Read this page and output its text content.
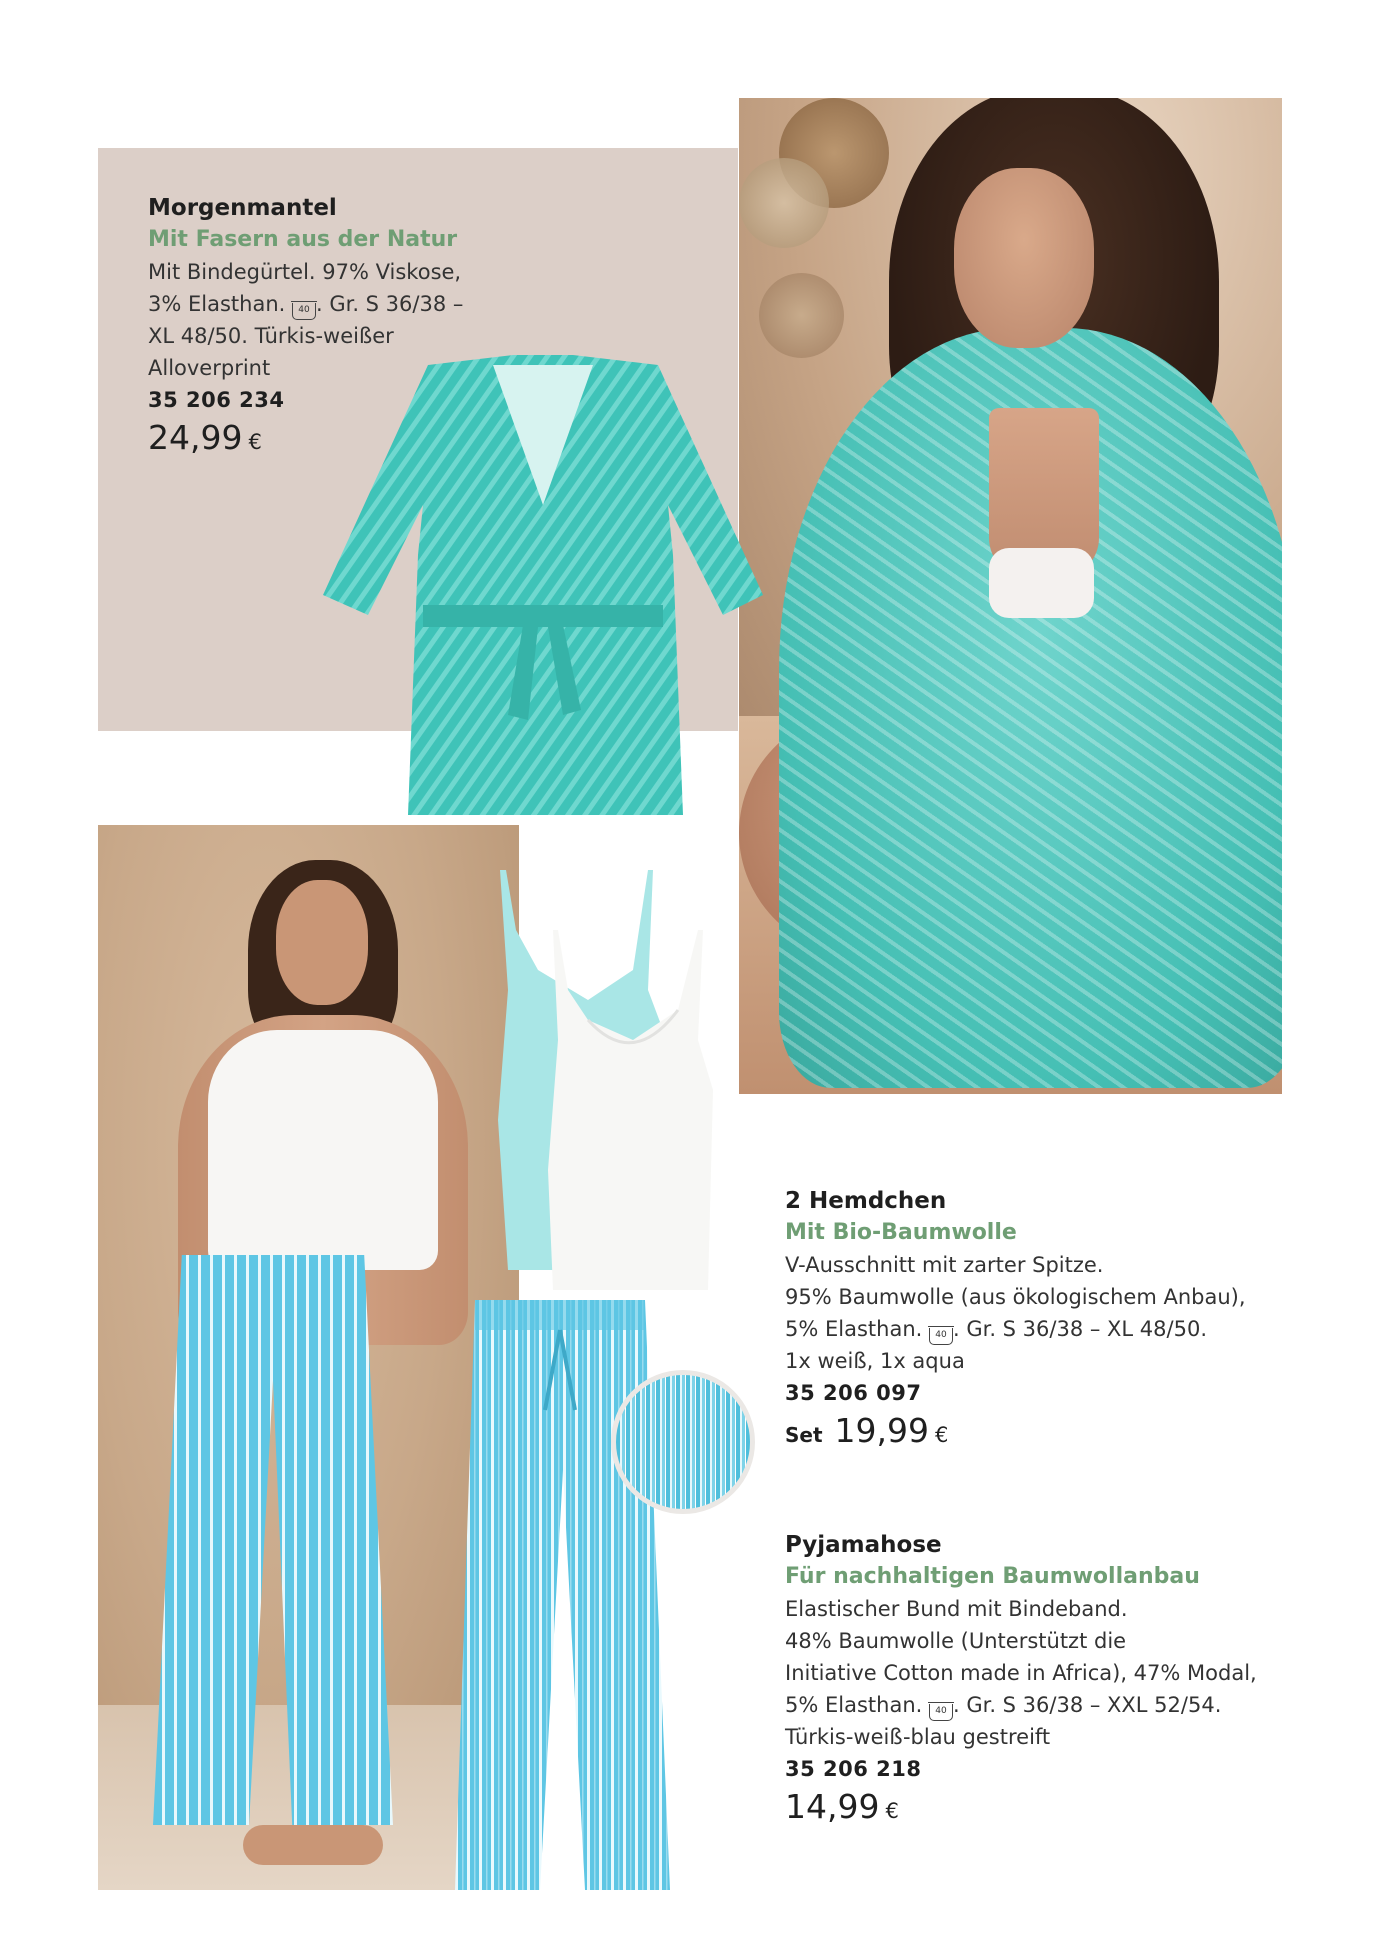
Morgenmantel
Mit Fasern aus der Natur
Mit Bindegürtel. 97% Viskose,
3% Elasthan. 40 . Gr. S 36/38 –
XL 48/50. Türkis-weißer
Alloverprint
35 206 234
24,99 €
2 Hemdchen
Mit Bio-Baumwolle
V-Ausschnitt mit zarter Spitze.
95% Baumwolle (aus ökologischem Anbau),
5% Elasthan. 40 . Gr. S 36/38 – XL 48/50.
1x weiß, 1x aqua
35 206 097
Set 19,99 €
Pyjamahose
Für nachhaltigen Baumwollanbau
Elastischer Bund mit Bindeband.
48% Baumwolle (Unterstützt die
Initiative Cotton made in Africa), 47% Modal,
5% Elasthan. 40 . Gr. S 36/38 – XXL 52/54.
Türkis-weiß-blau gestreift
35 206 218
14,99 €
